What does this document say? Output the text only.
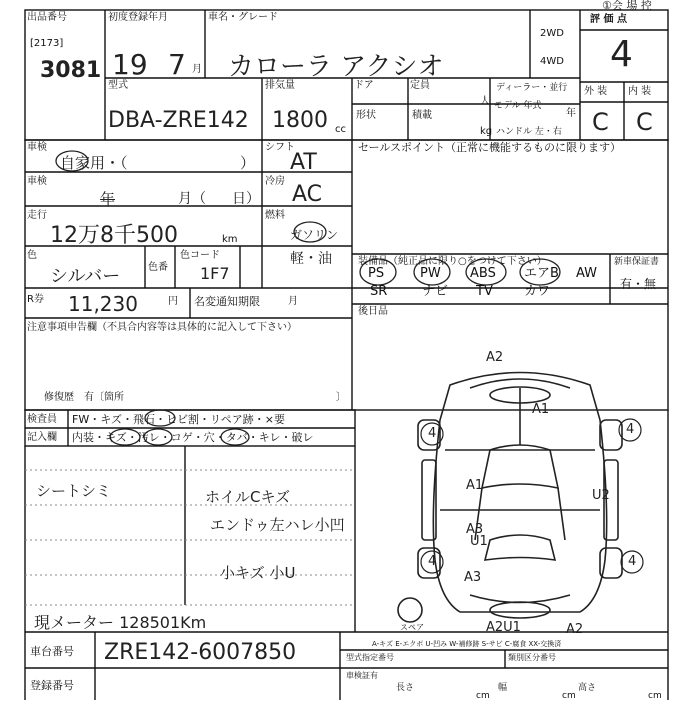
出品番号
[2173]
3081
初度登録年月
19 7 月
車名・グレード
カローラ アクシオ
2WD
4WD
評 価 点
4
①会 場 控
型式
DBA-ZRE142
排気量
1800 cc
ドア	定員
人
ディーラー・並行
モデル 年式
年
形状	積載
kg ハンドル 左・右
外 装 内 装
C C
車検
自家用・（	）
シフト
AT
車検
年	月（ 日）
冷房
AC
走行
12万8千500	km
燃料
ガソリン
軽・油
色
シルバー	色番
色コード
1F7
R券 11,230	円 名変通知期限	月
セールスポイント（正常に機能するものに限ります）
装備品（純正品に限り○をつけて下さい）	新車保証書
有・無
PS	PW ABS エアB AW
SR	ナビ TV カワ
後日品
注意事項申告欄（不具合内容等は具体的に記入して下さい）
修復歴　有〔箇所	〕
検査員
記入欄
FW・キズ・飛石・ヒビ割・リペア跡・×要
内装・キズ・汚レ・コゲ・穴・タバ・キレ・破レ
シートシミ	ホイルCキズ
エンドゥ左ハレ小凹
小キズ 小U
現メーター 128501Km
A2
A1
4	4
A1
U2
A3
U1
4	4
A3
A2U1	A2
スペア
A-キズ E-エクボ U-凹み W-補修跡 S-サビ C-腐食 XX-交換済
車台番号 ZRE142-6007850
登録番号
型式指定番号	類別区分番号
車検証有
長さ
cm
幅
cm
高さ
cm
